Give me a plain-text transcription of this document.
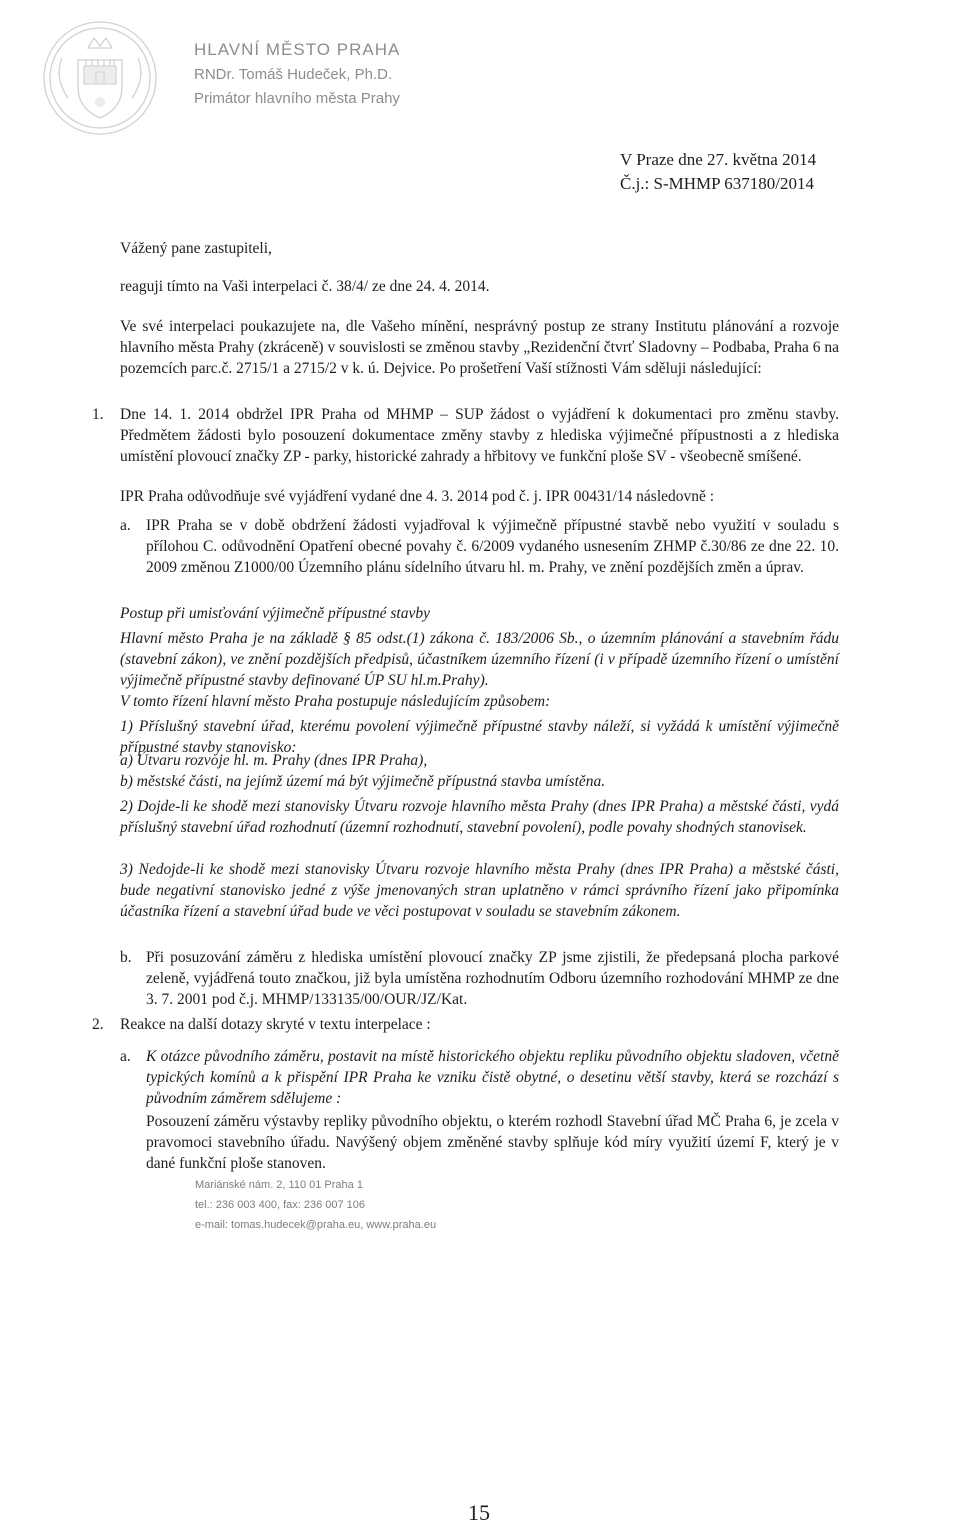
HLAVNÍ MĚSTO PRAHA
RNDr. Tomáš Hudeček, Ph.D.
Primátor hlavního města Prahy
V Praze dne 27. května 2014
Č.j.: S-MHMP 637180/2014
Vážený pane zastupiteli,
reaguji tímto na Vaši interpelaci č. 38/4/ ze dne 24. 4. 2014.
Ve své interpelaci poukazujete na, dle Vašeho mínění, nesprávný postup ze strany Institutu plánování a rozvoje hlavního města Prahy (zkráceně) v souvislosti se změnou stavby „Rezidenční čtvrť Sladovny – Podbaba, Praha 6 na pozemcích parc.č. 2715/1 a 2715/2 v k. ú. Dejvice. Po prošetření Vaší stížnosti Vám sděluji následující:
1. Dne 14. 1. 2014 obdržel IPR Praha od MHMP – SUP žádost o vyjádření k dokumentaci pro změnu stavby. Předmětem žádosti bylo posouzení dokumentace změny stavby z hlediska výjimečné přípustnosti a z hlediska umístění plovoucí značky ZP - parky, historické zahrady a hřbitovy ve funkční ploše SV - všeobecně smíšené.
IPR Praha odůvodňuje své vyjádření vydané dne 4. 3. 2014 pod č. j. IPR 00431/14 následovně :
a. IPR Praha se v době obdržení žádosti vyjadřoval k výjimečně přípustné stavbě nebo využití v souladu s přílohou C. odůvodnění Opatření obecné povahy č. 6/2009 vydaného usnesením ZHMP č.30/86 ze dne 22. 10. 2009 změnou Z1000/00 Územního plánu sídelního útvaru hl. m. Prahy, ve znění pozdějších změn a úprav.
Postup při umisťování výjimečně přípustné stavby
Hlavní město Praha je na základě § 85 odst.(1) zákona č. 183/2006 Sb., o územním plánování a stavebním řádu (stavební zákon), ve znění pozdějších předpisů, účastníkem územního řízení (i v případě územního řízení o umístění výjimečně přípustné stavby definované ÚP SU hl.m.Prahy).
V tomto řízení hlavní město Praha postupuje následujícím způsobem:
1) Příslušný stavební úřad, kterému povolení výjimečně přípustné stavby náleží, si vyžádá k umístění výjimečně přípustné stavby stanovisko:
a) Útvaru rozvoje hl. m. Prahy (dnes IPR Praha),
b) městské části, na jejímž území má být výjimečně přípustná stavba umístěna.
2) Dojde-li ke shodě mezi stanovisky Útvaru rozvoje hlavního města Prahy (dnes IPR Praha) a městské části, vydá příslušný stavební úřad rozhodnutí (územní rozhodnutí, stavební povolení), podle povahy shodných stanovisek.
3) Nedojde-li ke shodě mezi stanovisky Útvaru rozvoje hlavního města Prahy (dnes IPR Praha) a městské části, bude negativní stanovisko jedné z výše jmenovaných stran uplatněno v rámci správního řízení jako připomínka účastníka řízení a stavební úřad bude ve věci postupovat v souladu se stavebním zákonem.
b. Při posuzování záměru z hlediska umístění plovoucí značky ZP jsme zjistili, že předepsaná plocha parkové zeleně, vyjádřená touto značkou, již byla umístěna rozhodnutím Odboru územního rozhodování MHMP ze dne 3. 7. 2001 pod č.j. MHMP/133135/00/OUR/JZ/Kat.
2. Reakce na další dotazy skryté v textu interpelace :
a. K otázce původního záměru, postavit na místě historického objektu repliku původního objektu sladoven, včetně typických komínů a k přispění IPR Praha ke vzniku čistě obytné, o desetinu větší stavby, která se rozchází s původním záměrem sdělujeme :
Posouzení záměru výstavby repliky původního objektu, o kterém rozhodl Stavební úřad MČ Praha 6, je zcela v pravomoci stavebního úřadu. Navýšený objem změněné stavby splňuje kód míry využití území F, který je v dané funkční ploše stanoven.
Mariánské nám. 2, 110 01 Praha 1
tel.: 236 003 400, fax: 236 007 106
e-mail: tomas.hudecek@praha.eu, www.praha.eu
15
